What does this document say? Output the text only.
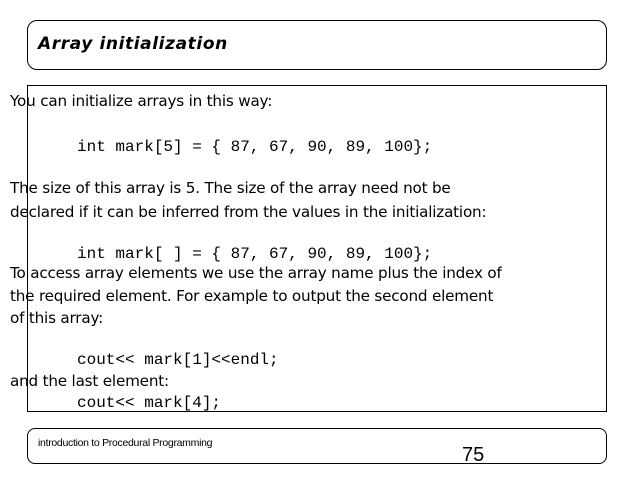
Array initialization
You can initialize arrays in this way:
int mark[5] = { 87, 67, 90, 89, 100};
The size of this array is 5. The size of the array need not be
declared if it can be inferred from the values in the initialization:
int mark[ ] = { 87, 67, 90, 89, 100};
To access array elements we use the array name plus the index of
the required element. For example to output the second element
of this array:
cout<< mark[1]<<endl;
and the last element:
cout<< mark[4];
introduction to Procedural Programming
75
